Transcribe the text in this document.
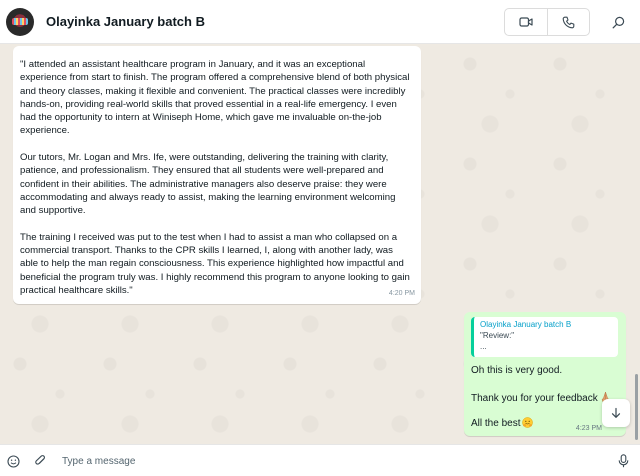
Olayinka January batch B

"I attended an assistant healthcare program in January, and it was an exceptional experience from start to finish. The program offered a comprehensive blend of both physical and theory classes, making it flexible and convenient. The practical classes were incredibly hands-on, providing real-world skills that proved essential in a real-life emergency. I even had the opportunity to intern at Winiseph Home, which gave me invaluable on-the-job experience.

Our tutors, Mr. Logan and Mrs. Ife, were outstanding, delivering the training with clarity, patience, and professionalism. They ensured that all students were well-prepared and confident in their abilities. The administrative managers also deserve praise: they were accommodating and always ready to assist, making the learning environment welcoming and supportive.

The training I received was put to the test when I had to assist a man who collapsed on a commercial transport. Thanks to the CPR skills I learned, I, along with another lady, was able to help the man regain consciousness. This experience highlighted how impactful and beneficial the program truly was. I highly recommend this program to anyone looking to gain practical healthcare skills."	4:20 PM
Olayinka January batch B
"Review:"
...
Oh this is very good.
Thank you for your feedback
All the best	4:23 PM
Type a message
